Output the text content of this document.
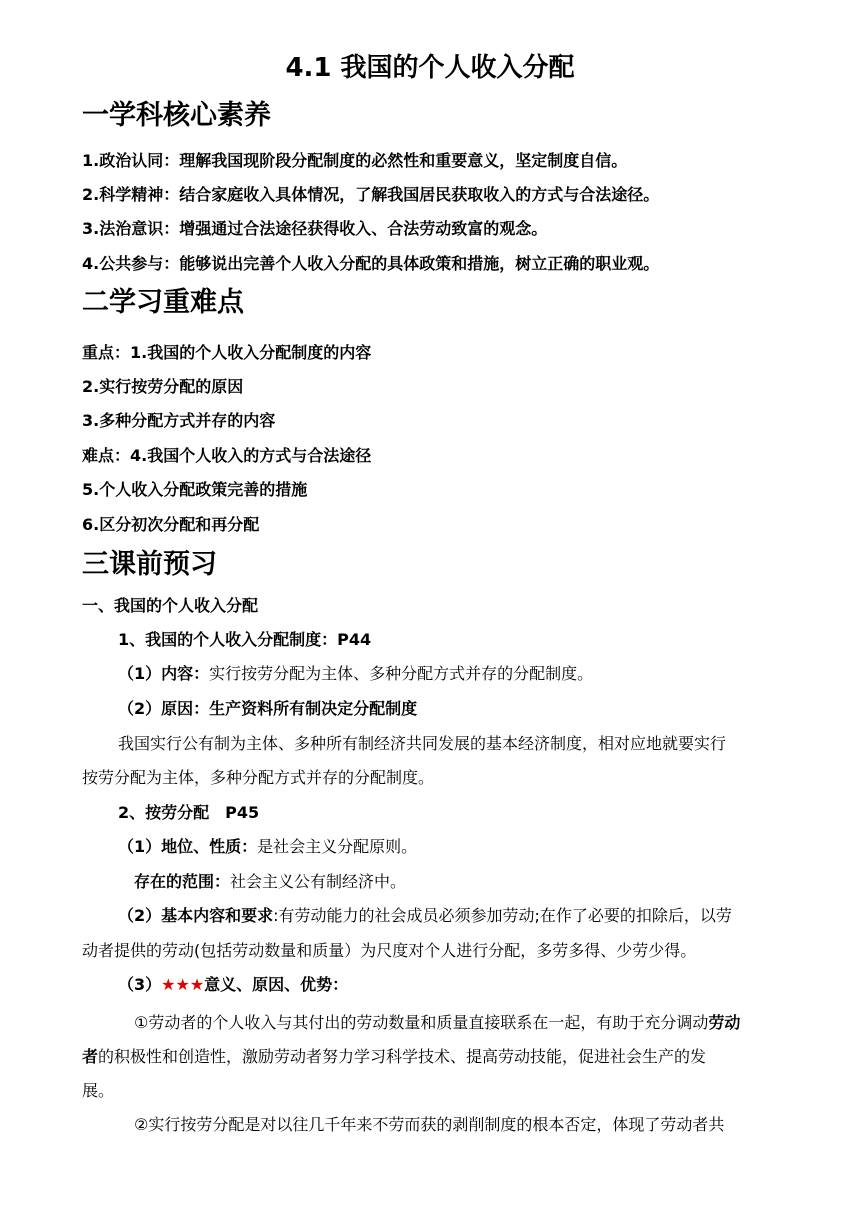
4.1 我国的个人收入分配
一学科核心素养
1.政治认同：理解我国现阶段分配制度的必然性和重要意义，坚定制度自信。
2.科学精神：结合家庭收入具体情况，了解我国居民获取收入的方式与合法途径。
3.法治意识：增强通过合法途径获得收入、合法劳动致富的观念。
4.公共参与：能够说出完善个人收入分配的具体政策和措施，树立正确的职业观。
二学习重难点
重点：1.我国的个人收入分配制度的内容
2.实行按劳分配的原因
3.多种分配方式并存的内容
难点：4.我国个人收入的方式与合法途径
5.个人收入分配政策完善的措施
6.区分初次分配和再分配
三课前预习
一、我国的个人收入分配
1、我国的个人收入分配制度：P44
（1）内容：实行按劳分配为主体、多种分配方式并存的分配制度。
（2）原因：生产资料所有制决定分配制度
我国实行公有制为主体、多种所有制经济共同发展的基本经济制度，相对应地就要实行
按劳分配为主体，多种分配方式并存的分配制度。
2、按劳分配　P45
（1）地位、性质：是社会主义分配原则。
存在的范围：社会主义公有制经济中。
（2）基本内容和要求:有劳动能力的社会成员必须参加劳动;在作了必要的扣除后，以劳
动者提供的劳动(包括劳动数量和质量）为尺度对个人进行分配，多劳多得、少劳少得。
（3）★★★意义、原因、优势：
①劳动者的个人收入与其付出的劳动数量和质量直接联系在一起，有助于充分调动劳动
者的积极性和创造性，激励劳动者努力学习科学技术、提高劳动技能，促进社会生产的发
展。
②实行按劳分配是对以往几千年来不劳而获的剥削制度的根本否定，体现了劳动者共
